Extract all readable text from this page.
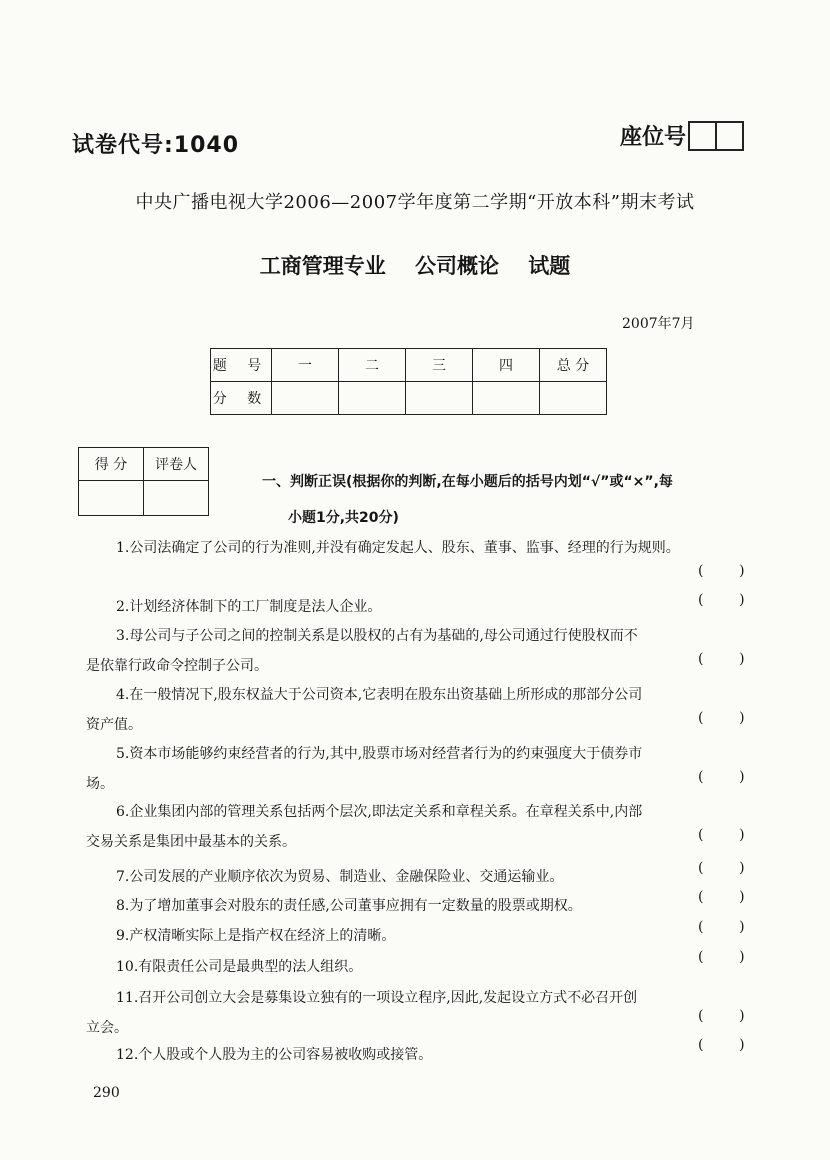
试卷代号:1040	座位号
中央广播电视大学2006—2007学年度第二学期“开放本科”期末考试
工商管理专业    公司概论    试题
2007年7月
题 号	一	二	三	四	总 分
分 数					
得 分	评卷人

一、判断正误(根据你的判断,在每小题后的括号内划“√”或“×”,每
小题1分,共20分)
1.公司法确定了公司的行为准则,并没有确定发起人、股东、董事、监事、经理的行为规则。
(        )
2.计划经济体制下的工厂制度是法人企业。	(        )
3.母公司与子公司之间的控制关系是以股权的占有为基础的,母公司通过行使股权而不
是依靠行政命令控制子公司。	(        )
4.在一般情况下,股东权益大于公司资本,它表明在股东出资基础上所形成的那部分公司
资产值。	(        )
5.资本市场能够约束经营者的行为,其中,股票市场对经营者行为的约束强度大于债券市
场。	(        )
6.企业集团内部的管理关系包括两个层次,即法定关系和章程关系。在章程关系中,内部
交易关系是集团中最基本的关系。	(        )
7.公司发展的产业顺序依次为贸易、制造业、金融保险业、交通运输业。
(        )
8.为了增加董事会对股东的责任感,公司董事应拥有一定数量的股票或期权。
(        )
9.产权清晰实际上是指产权在经济上的清晰。
(        )
10.有限责任公司是最典型的法人组织。
(        )
11.召开公司创立大会是募集设立独有的一项设立程序,因此,发起设立方式不必召开创
立会。
(        )
12.个人股或个人股为主的公司容易被收购或接管。
(        )
290
